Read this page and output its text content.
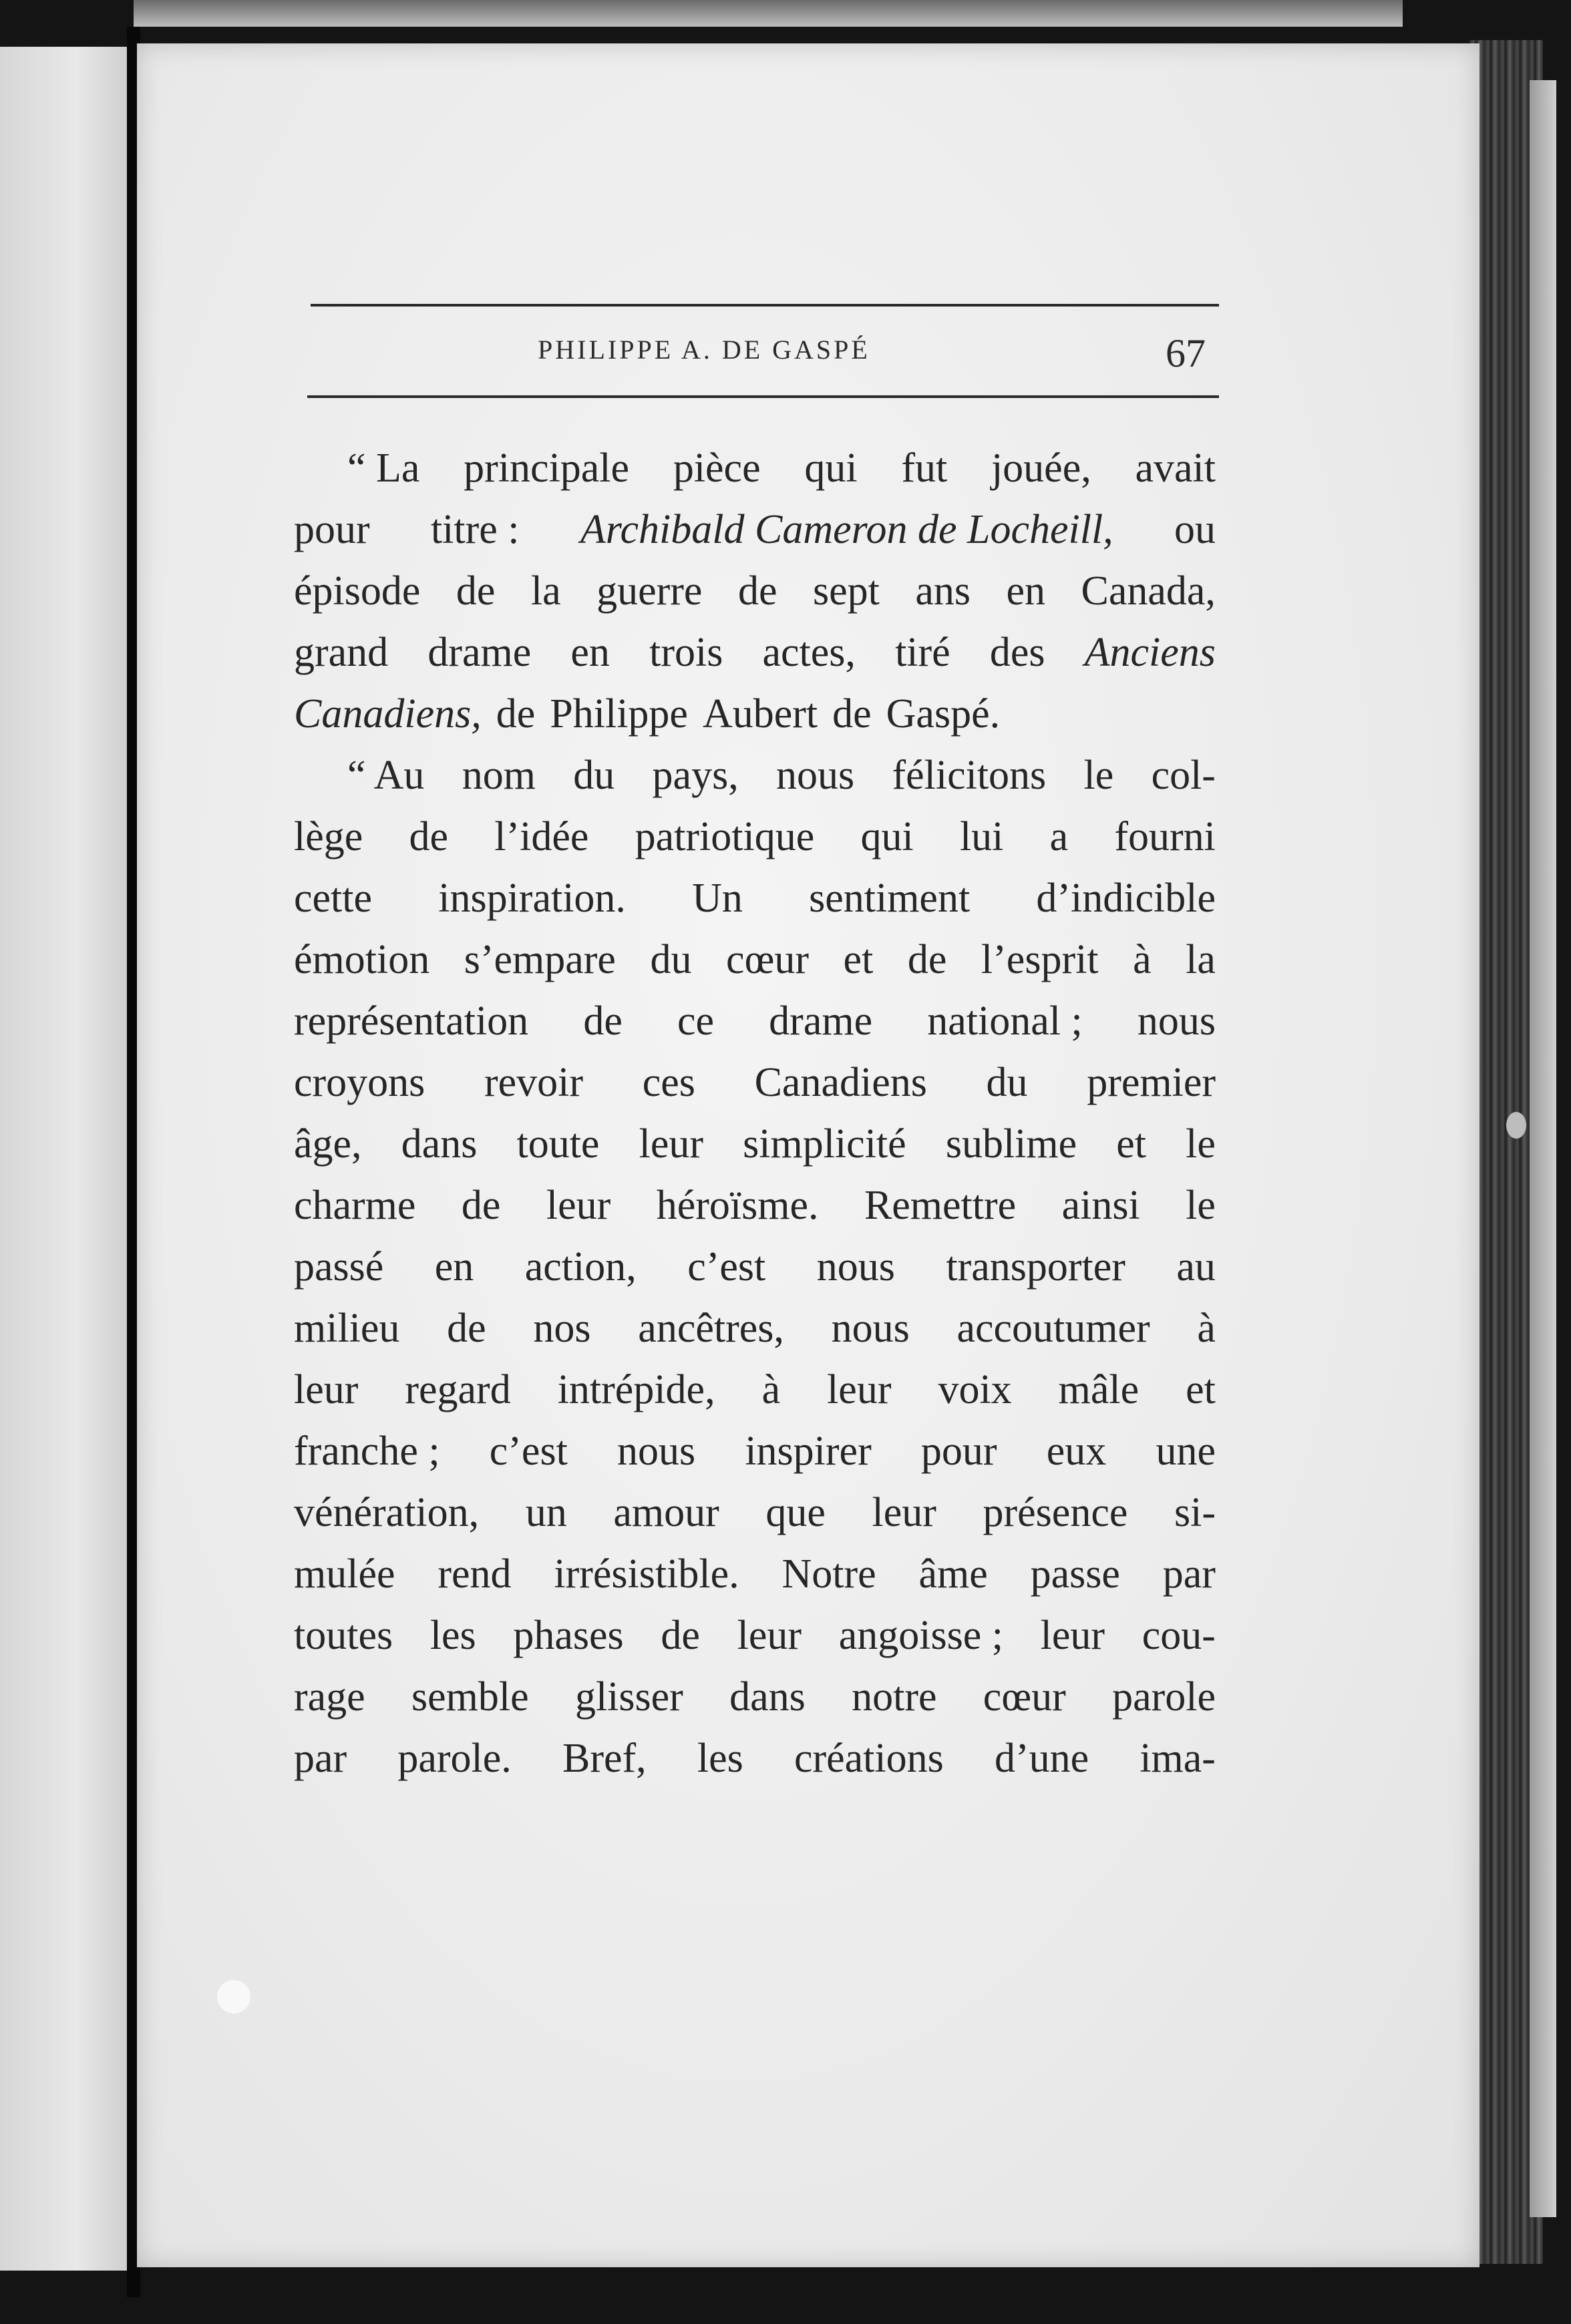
PHILIPPE A. DE GASPÉ	67
“ La principale pièce qui fut jouée, avait
pour titre : Archibald Cameron de Locheill, ou
épisode de la guerre de sept ans en Canada,
grand drame en trois actes, tiré des Anciens
Canadiens, de Philippe Aubert de Gaspé.
“ Au nom du pays, nous félicitons le col-
lège de l’idée patriotique qui lui a fourni
cette inspiration. Un sentiment d’indicible
émotion s’empare du cœur et de l’esprit à la
représentation de ce drame national ; nous
croyons revoir ces Canadiens du premier
âge, dans toute leur simplicité sublime et le
charme de leur héroïsme. Remettre ainsi le
passé en action, c’est nous transporter au
milieu de nos ancêtres, nous accoutumer à
leur regard intrépide, à leur voix mâle et
franche ; c’est nous inspirer pour eux une
vénération, un amour que leur présence si-
mulée rend irrésistible. Notre âme passe par
toutes les phases de leur angoisse ; leur cou-
rage semble glisser dans notre cœur parole
par parole. Bref, les créations d’une ima-
